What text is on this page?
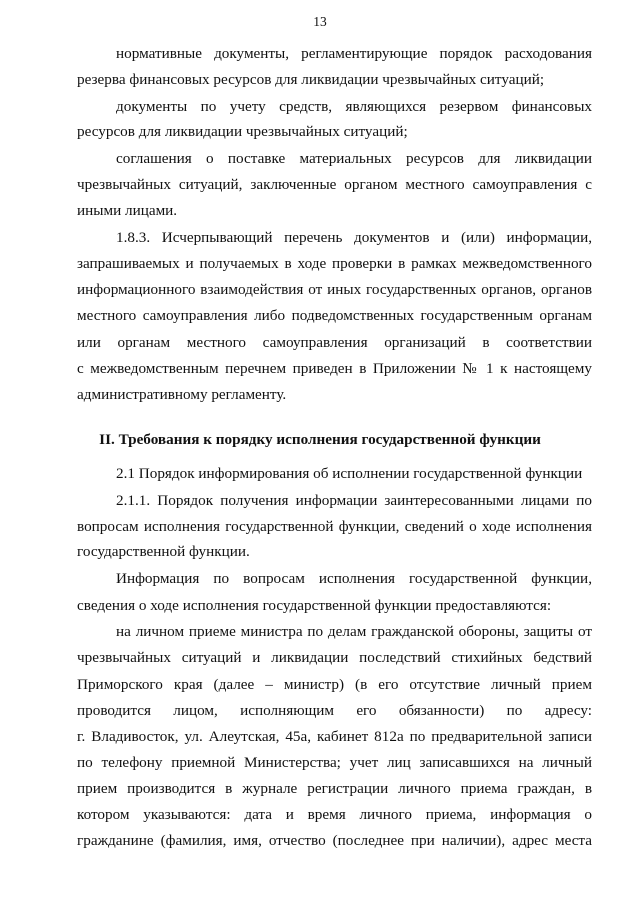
13
нормативные документы, регламентирующие порядок расходования
резерва финансовых ресурсов для ликвидации чрезвычайных ситуаций;
документы по учету средств, являющихся резервом финансовых
ресурсов для ликвидации чрезвычайных ситуаций;
соглашения о поставке материальных ресурсов для ликвидации
чрезвычайных ситуаций, заключенные органом местного самоуправления с
иными лицами.
1.8.3. Исчерпывающий перечень документов и (или) информации,
запрашиваемых и получаемых в ходе проверки в рамках межведомственного
информационного взаимодействия от иных государственных органов, органов
местного самоуправления либо подведомственных государственным органам
или органам местного самоуправления организаций в соответствии
с межведомственным перечнем приведен в Приложении № 1 к настоящему
административному регламенту.
II. Требования к порядку исполнения государственной функции
2.1 Порядок информирования об исполнении государственной функции
2.1.1. Порядок получения информации заинтересованными лицами по
вопросам исполнения государственной функции, сведений о ходе исполнения
государственной функции.
Информация по вопросам исполнения государственной функции,
сведения о ходе исполнения государственной функции предоставляются:
на личном приеме министра по делам гражданской обороны, защиты от
чрезвычайных ситуаций и ликвидации последствий стихийных бедствий
Приморского края (далее – министр) (в его отсутствие личный прием
проводится лицом, исполняющим его обязанности) по адресу:
г. Владивосток, ул. Алеутская, 45а, кабинет 812а по предварительной записи
по телефону приемной Министерства; учет лиц записавшихся на личный
прием производится в журнале регистрации личного приема граждан, в
котором указываются: дата и время личного приема, информация о
гражданине (фамилия, имя, отчество (последнее при наличии), адрес места
